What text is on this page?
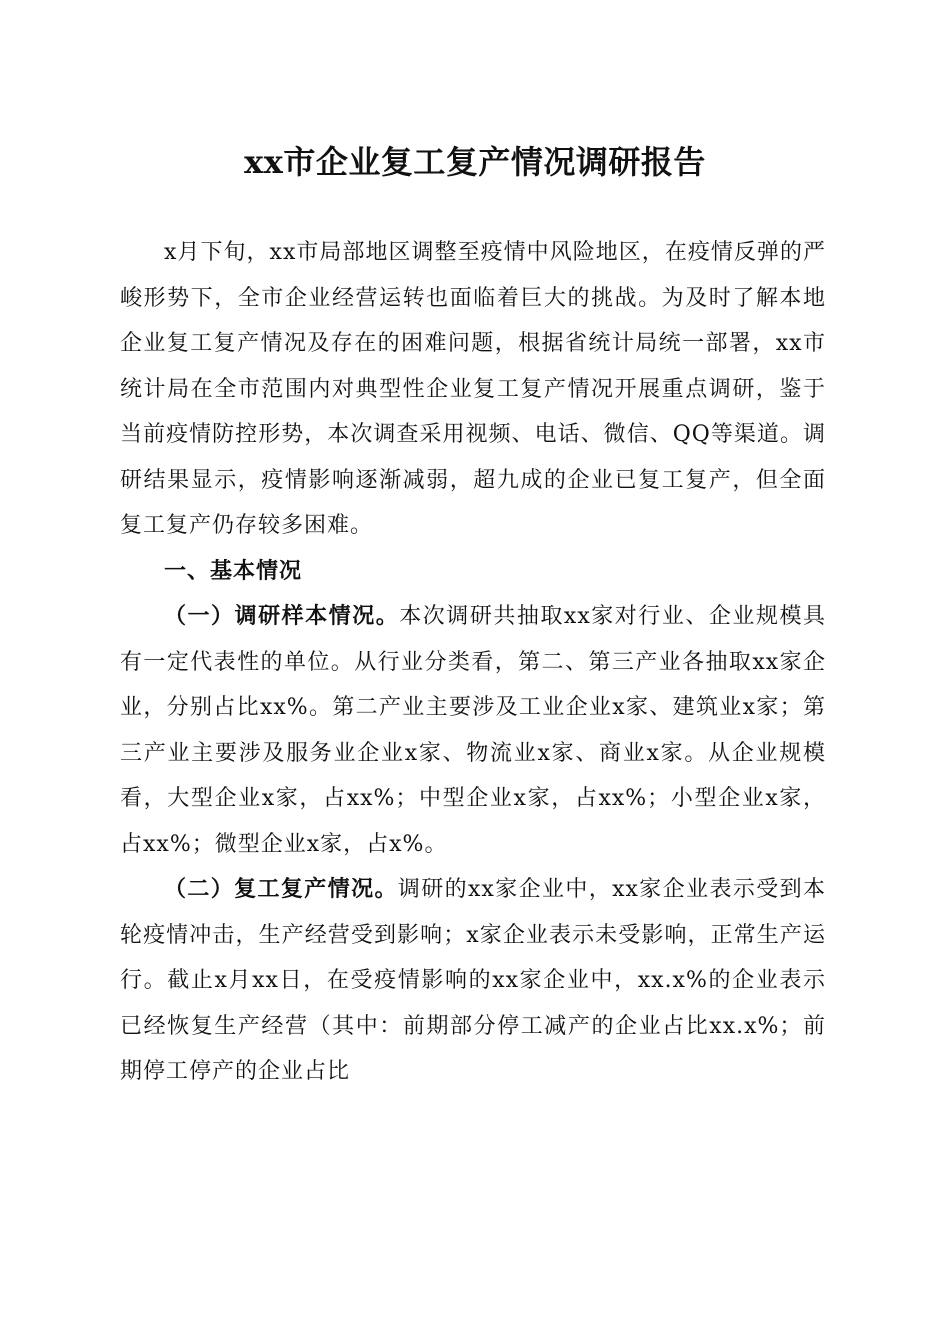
xx市企业复工复产情况调研报告

x月下旬，xx市局部地区调整至疫情中风险地区，在疫情反弹的严峻形势下，全市企业经营运转也面临着巨大的挑战。为及时了解本地企业复工复产情况及存在的困难问题，根据省统计局统一部署，xx市统计局在全市范围内对典型性企业复工复产情况开展重点调研，鉴于当前疫情防控形势，本次调查采用视频、电话、微信、QQ等渠道。调研结果显示，疫情影响逐渐减弱，超九成的企业已复工复产，但全面复工复产仍存较多困难。

一、基本情况

（一）调研样本情况。本次调研共抽取xx家对行业、企业规模具有一定代表性的单位。从行业分类看，第二、第三产业各抽取xx家企业，分别占比xx%。第二产业主要涉及工业企业x家、建筑业x家；第三产业主要涉及服务业企业x家、物流业x家、商业x家。从企业规模看，大型企业x家，占xx%；中型企业x家，占xx%；小型企业x家，占xx%；微型企业x家，占x%。

（二）复工复产情况。调研的xx家企业中，xx家企业表示受到本轮疫情冲击，生产经营受到影响；x家企业表示未受影响，正常生产运行。截止x月xx日，在受疫情影响的xx家企业中，xx.x%的企业表示已经恢复生产经营（其中：前期部分停工减产的企业占比xx.x%；前期停工停产的企业占比
